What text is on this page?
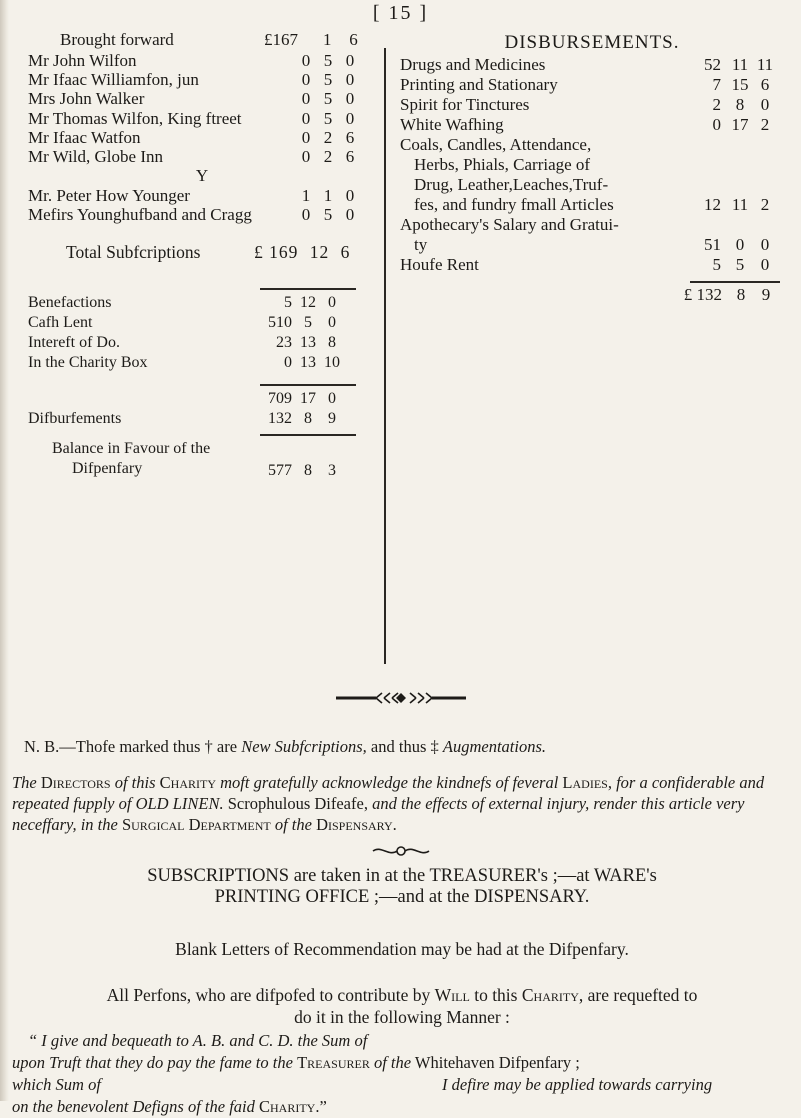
[ 15 ]
Brought forward	£167 1 6
Mr John Wilfon	0 5 0
Mr Ifaac Williamfon, jun	0 5 0
Mrs John Walker	0 5 0
Mr Thomas Wilfon, King ftreet	0 5 0
Mr Ifaac Watfon	0 2 6
Mr Wild, Globe Inn	0 2 6
Y
Mr. Peter How Younger	1 1 0
Mefirs Younghufband and Cragg	0 5 0
Total Subfcriptions	£ 169 12 6
Benefactions	5 12 0
Cafh Lent	510 5 0
Intereft of Do.	23 13 8
In the Charity Box	0 13 10
709 17 0
Difburfements	132 8 9
Balance in Favour of the
Difpenfary	577 8 3
DISBURSEMENTS.
Drugs and Medicines	52 11 11
Printing and Stationary	7 15 6
Spirit for Tinctures	2 8 0
White Wafhing	0 17 2
Coals, Candles, Attendance,
Herbs, Phials, Carriage of
Drug, Leather,Leaches,Truf-
fes, and fundry fmall Articles	12 11 2
Apothecary's Salary and Gratui-
ty	51 0 0
Houfe Rent	5 5 0
£ 132 8 9
N. B.—Thofe marked thus † are New Subfcriptions, and thus ‡ Augmentations.
The Directors of this Charity moft gratefully acknowledge the kindnefs of feveral Ladies, for a confiderable and repeated fupply of OLD LINEN. Scrophulous Difeafe, and the effects of external injury, render this article very neceffary, in the Surgical Department of the Dispensary.
SUBSCRIPTIONS are taken in at the TREASURER's ;—at WARE's
PRINTING OFFICE ;—and at the DISPENSARY.
Blank Letters of Recommendation may be had at the Difpenfary.
All Perfons, who are difpofed to contribute by Will to this Charity, are requefted to
do it in the following Manner :
“ I give and bequeath to A. B. and C. D. the Sum of
upon Truft that they do pay the fame to the Treasurer of the Whitehaven Difpenfary ;
which Sum of	I defire may be applied towards carrying
on the benevolent Defigns of the faid Charity.”
